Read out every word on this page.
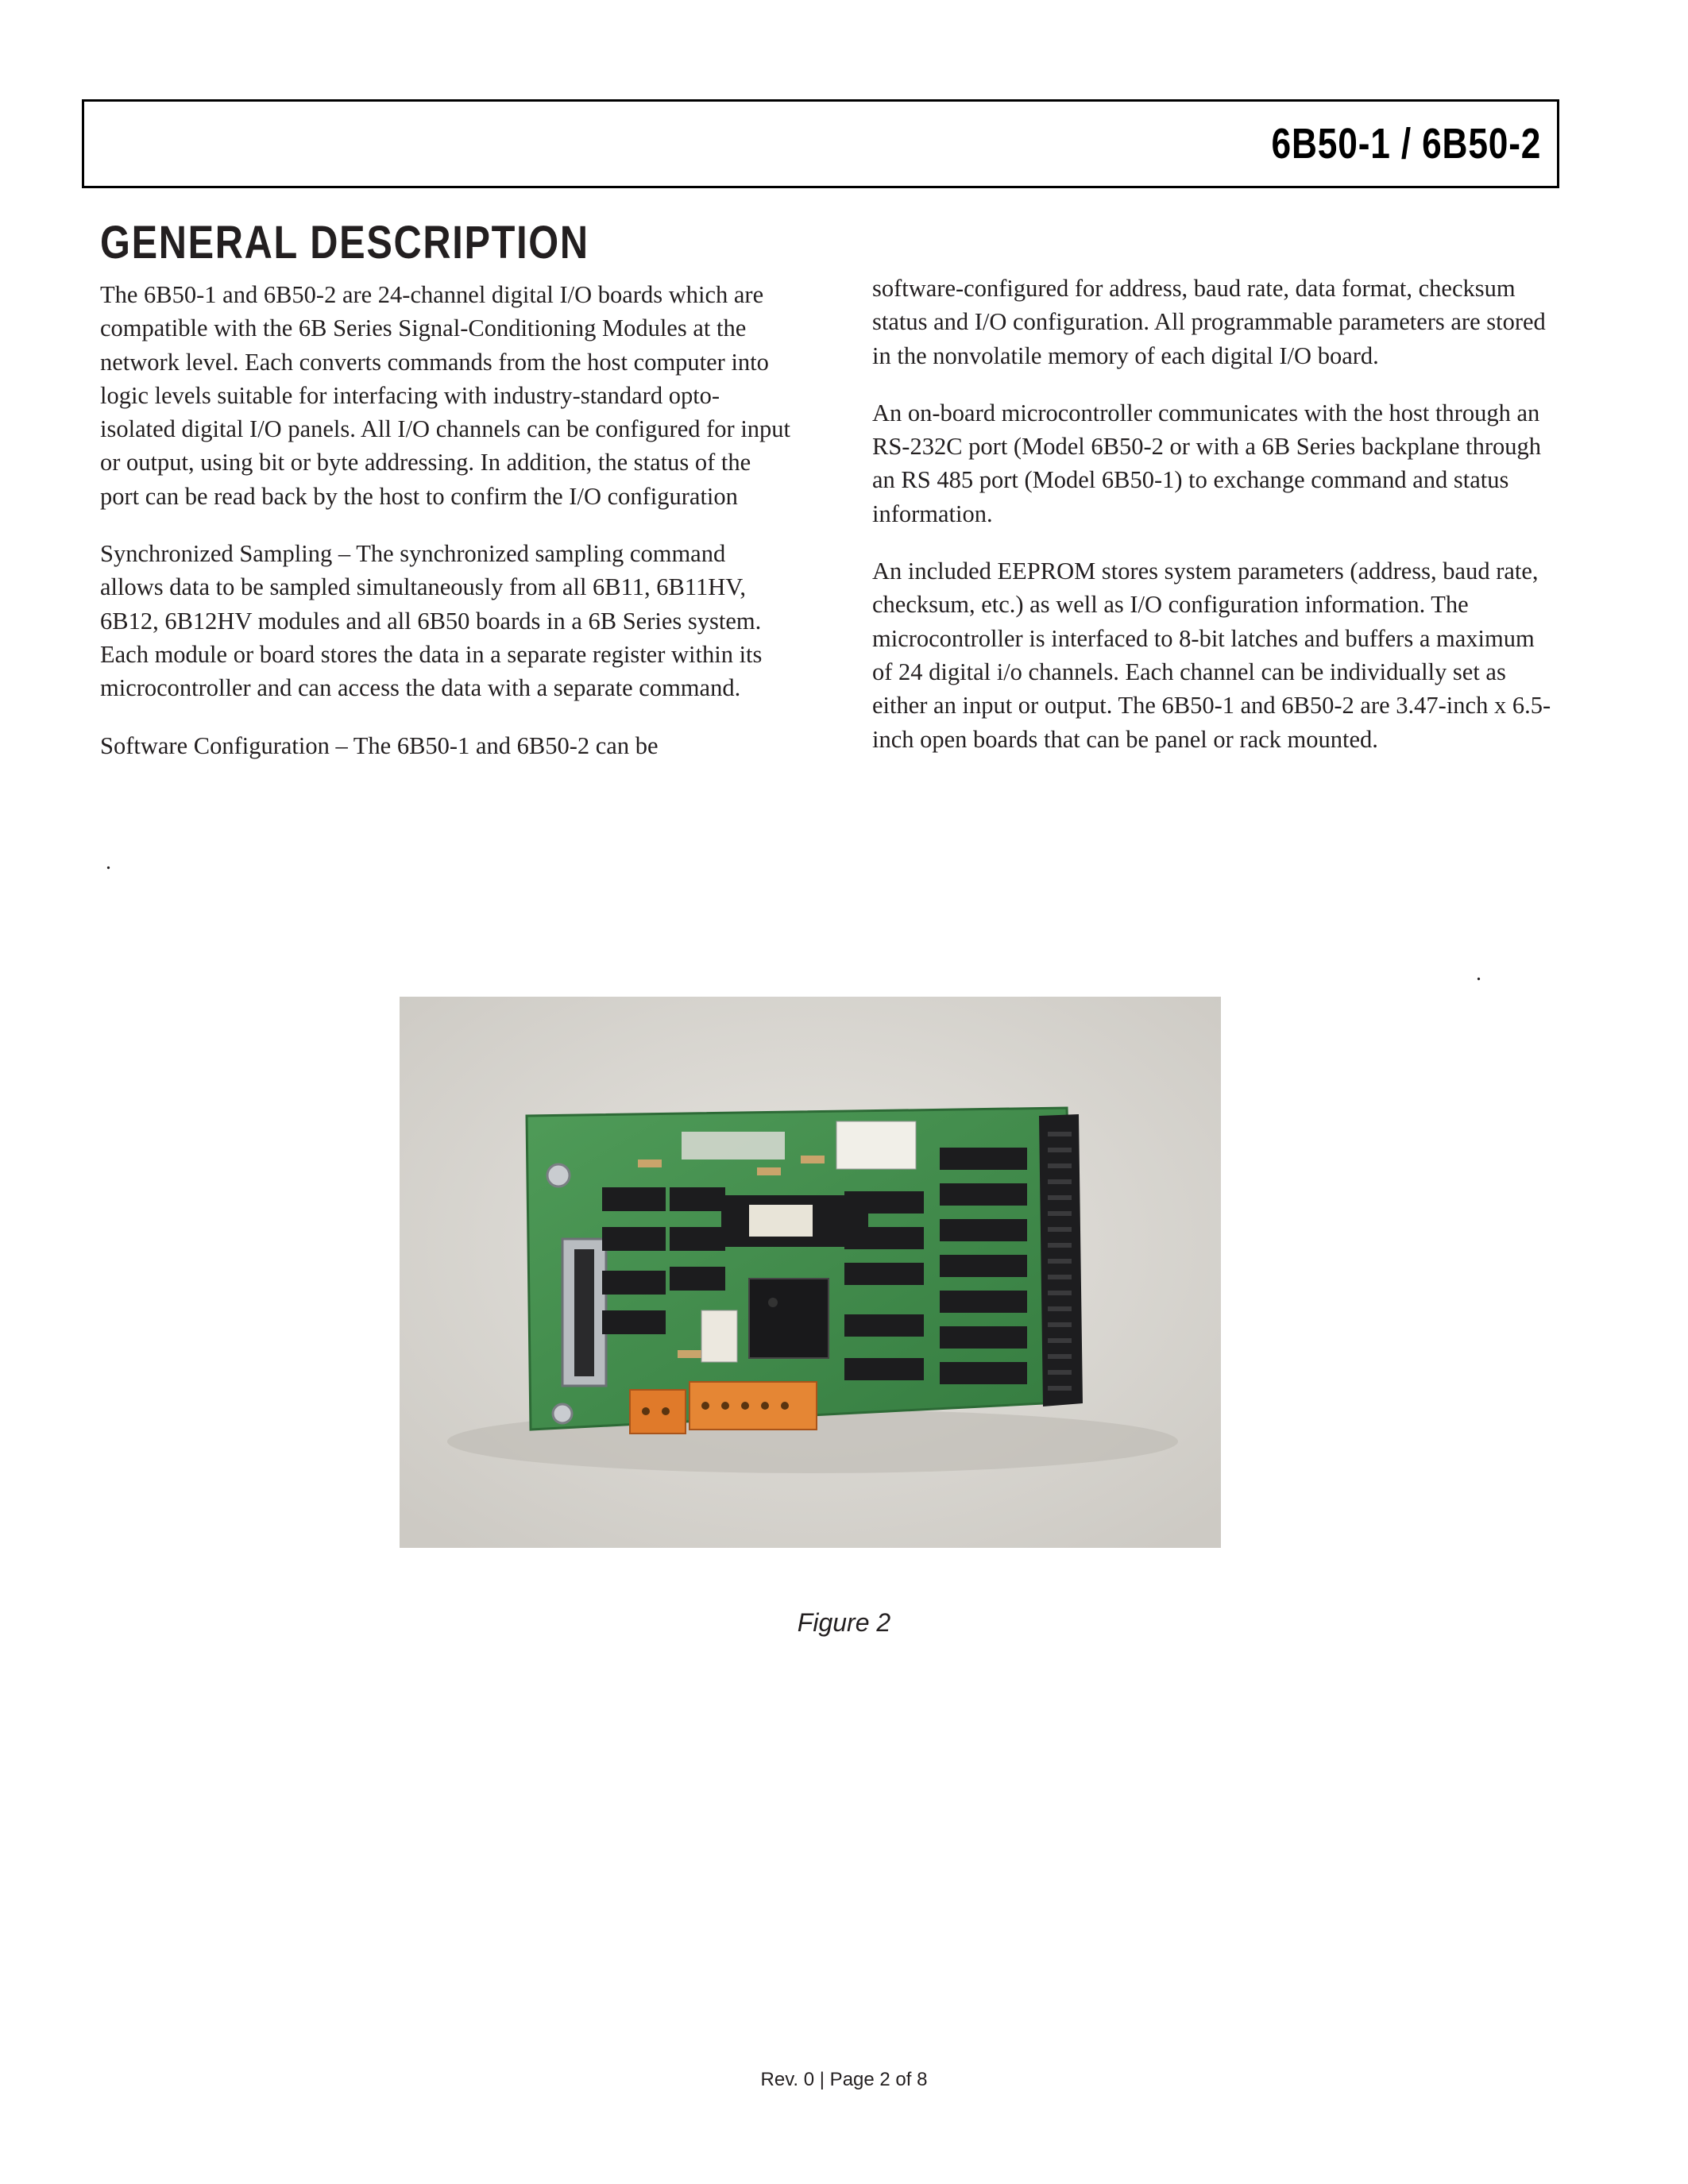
6B50-1 / 6B50-2
GENERAL DESCRIPTION

The 6B50-1 and 6B50-2 are 24-channel digital I/O boards which are compatible with the 6B Series Signal-Conditioning Modules at the network level. Each converts commands from the host computer into logic levels suitable for interfacing with industry-standard opto-isolated digital I/O panels. All I/O channels can be configured for input or output, using bit or byte addressing. In addition, the status of the port can be read back by the host to confirm the I/O configuration

Synchronized Sampling – The synchronized sampling command allows data to be sampled simultaneously from all 6B11, 6B11HV, 6B12, 6B12HV modules and all 6B50 boards in a 6B Series system. Each module or board stores the data in a separate register within its microcontroller and can access the data with a separate command.

Software Configuration – The 6B50-1 and 6B50-2 can be

software-configured for address, baud rate, data format, checksum status and I/O configuration. All programmable parameters are stored in the nonvolatile memory of each digital I/O board.

An on-board microcontroller communicates with the host through an RS-232C port (Model 6B50-2 or with a 6B Series backplane through an RS 485 port (Model 6B50-1) to exchange command and status information.

An included EEPROM stores system parameters (address, baud rate, checksum, etc.) as well as I/O configuration information. The microcontroller is interfaced to 8-bit latches and buffers a maximum of 24 digital i/o channels. Each channel can be individually set as either an input or output. The 6B50-1 and 6B50-2 are 3.47-inch x 6.5-inch open boards that can be panel or rack mounted.

.
.
Figure 2
Rev. 0 | Page 2 of 8
